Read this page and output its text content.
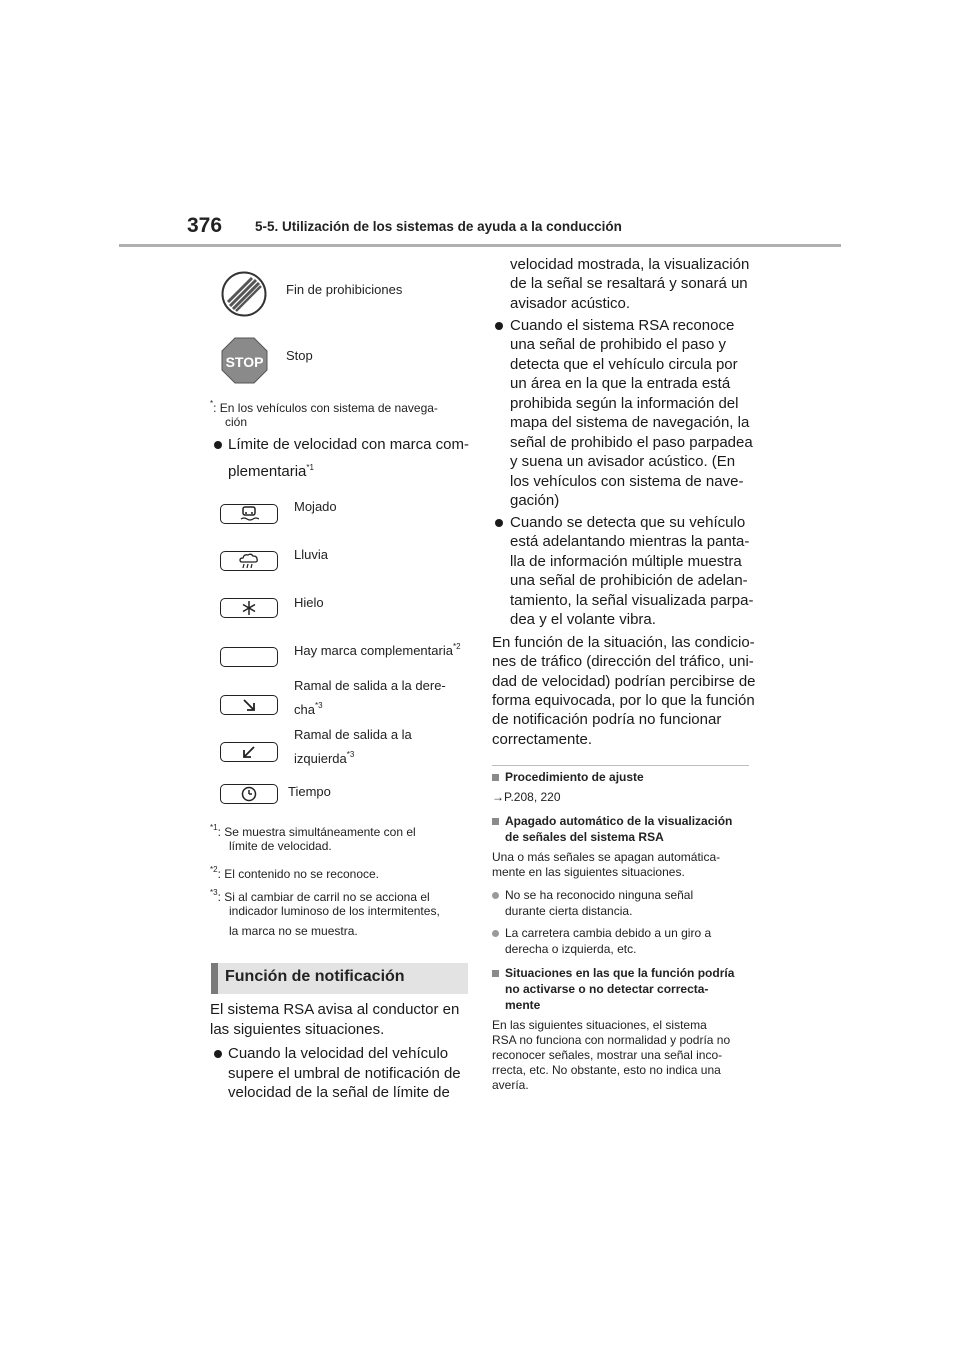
376 5-5. Utilización de los sistemas de ayuda a la conducción
Fin de prohibiciones
STOP Stop
*: En los vehículos con sistema de navega-
ción
Límite de velocidad con marca com-
plementaria$^{*1}$
Mojado
Lluvia
Hielo
Hay marca complementaria$^{*2}$
Ramal de salida a la dere-
cha$^{*3}$
Ramal de salida a la
izquierda$^{*3}$
Tiempo
$^{*1}$: Se muestra simultáneamente con el
límite de velocidad.
$^{*2}$: El contenido no se reconoce.
$^{*3}$: Si al cambiar de carril no se acciona el
indicador luminoso de los intermitentes,
la marca no se muestra.
Función de notificación
El sistema RSA avisa al conductor en
las siguientes situaciones.
Cuando la velocidad del vehículo
supere el umbral de notificación de
velocidad de la señal de límite de
velocidad mostrada, la visualización
de la señal se resaltará y sonará un
avisador acústico.
Cuando el sistema RSA reconoce
una señal de prohibido el paso y
detecta que el vehículo circula por
un área en la que la entrada está
prohibida según la información del
mapa del sistema de navegación, la
señal de prohibido el paso parpadea
y suena un avisador acústico. (En
los vehículos con sistema de nave-
gación)
Cuando se detecta que su vehículo
está adelantando mientras la panta-
lla de información múltiple muestra
una señal de prohibición de adelan-
tamiento, la señal visualizada parpa-
dea y el volante vibra.
En función de la situación, las condicio-
nes de tráfico (dirección del tráfico, uni-
dad de velocidad) podrían percibirse de
forma equivocada, por lo que la función
de notificación podría no funcionar
correctamente.
Procedimiento de ajuste
→P.208, 220
Apagado automático de la visualización
de señales del sistema RSA
Una o más señales se apagan automática-
mente en las siguientes situaciones.
No se ha reconocido ninguna señal
durante cierta distancia.
La carretera cambia debido a un giro a
derecha o izquierda, etc.
Situaciones en las que la función podría
no activarse o no detectar correcta-
mente
En las siguientes situaciones, el sistema
RSA no funciona con normalidad y podría no
reconocer señales, mostrar una señal inco-
rrecta, etc. No obstante, esto no indica una
avería.
